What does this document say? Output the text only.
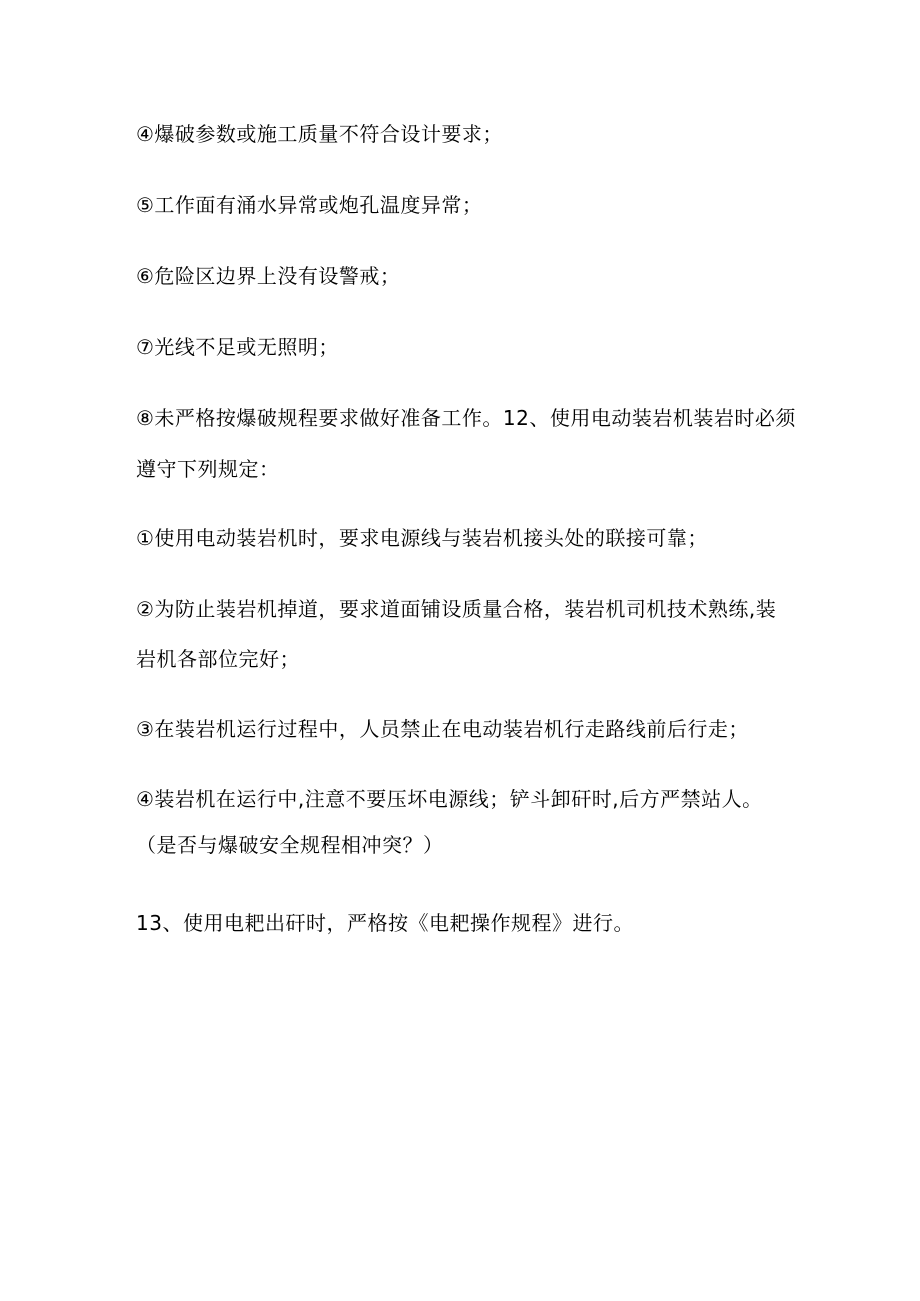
④爆破参数或施工质量不符合设计要求；
⑤工作面有涌水异常或炮孔温度异常；
⑥危险区边界上没有设警戒；
⑦光线不足或无照明；
⑧未严格按爆破规程要求做好准备工作。12、使用电动装岩机装岩时必须
遵守下列规定：
①使用电动装岩机时，要求电源线与装岩机接头处的联接可靠；
②为防止装岩机掉道，要求道面铺设质量合格，装岩机司机技术熟练,装
岩机各部位完好；
③在装岩机运行过程中，人员禁止在电动装岩机行走路线前后行走；
④装岩机在运行中,注意不要压坏电源线；铲斗卸矸时,后方严禁站人。
（是否与爆破安全规程相冲突？）
13、使用电耙出矸时，严格按《电耙操作规程》进行。
